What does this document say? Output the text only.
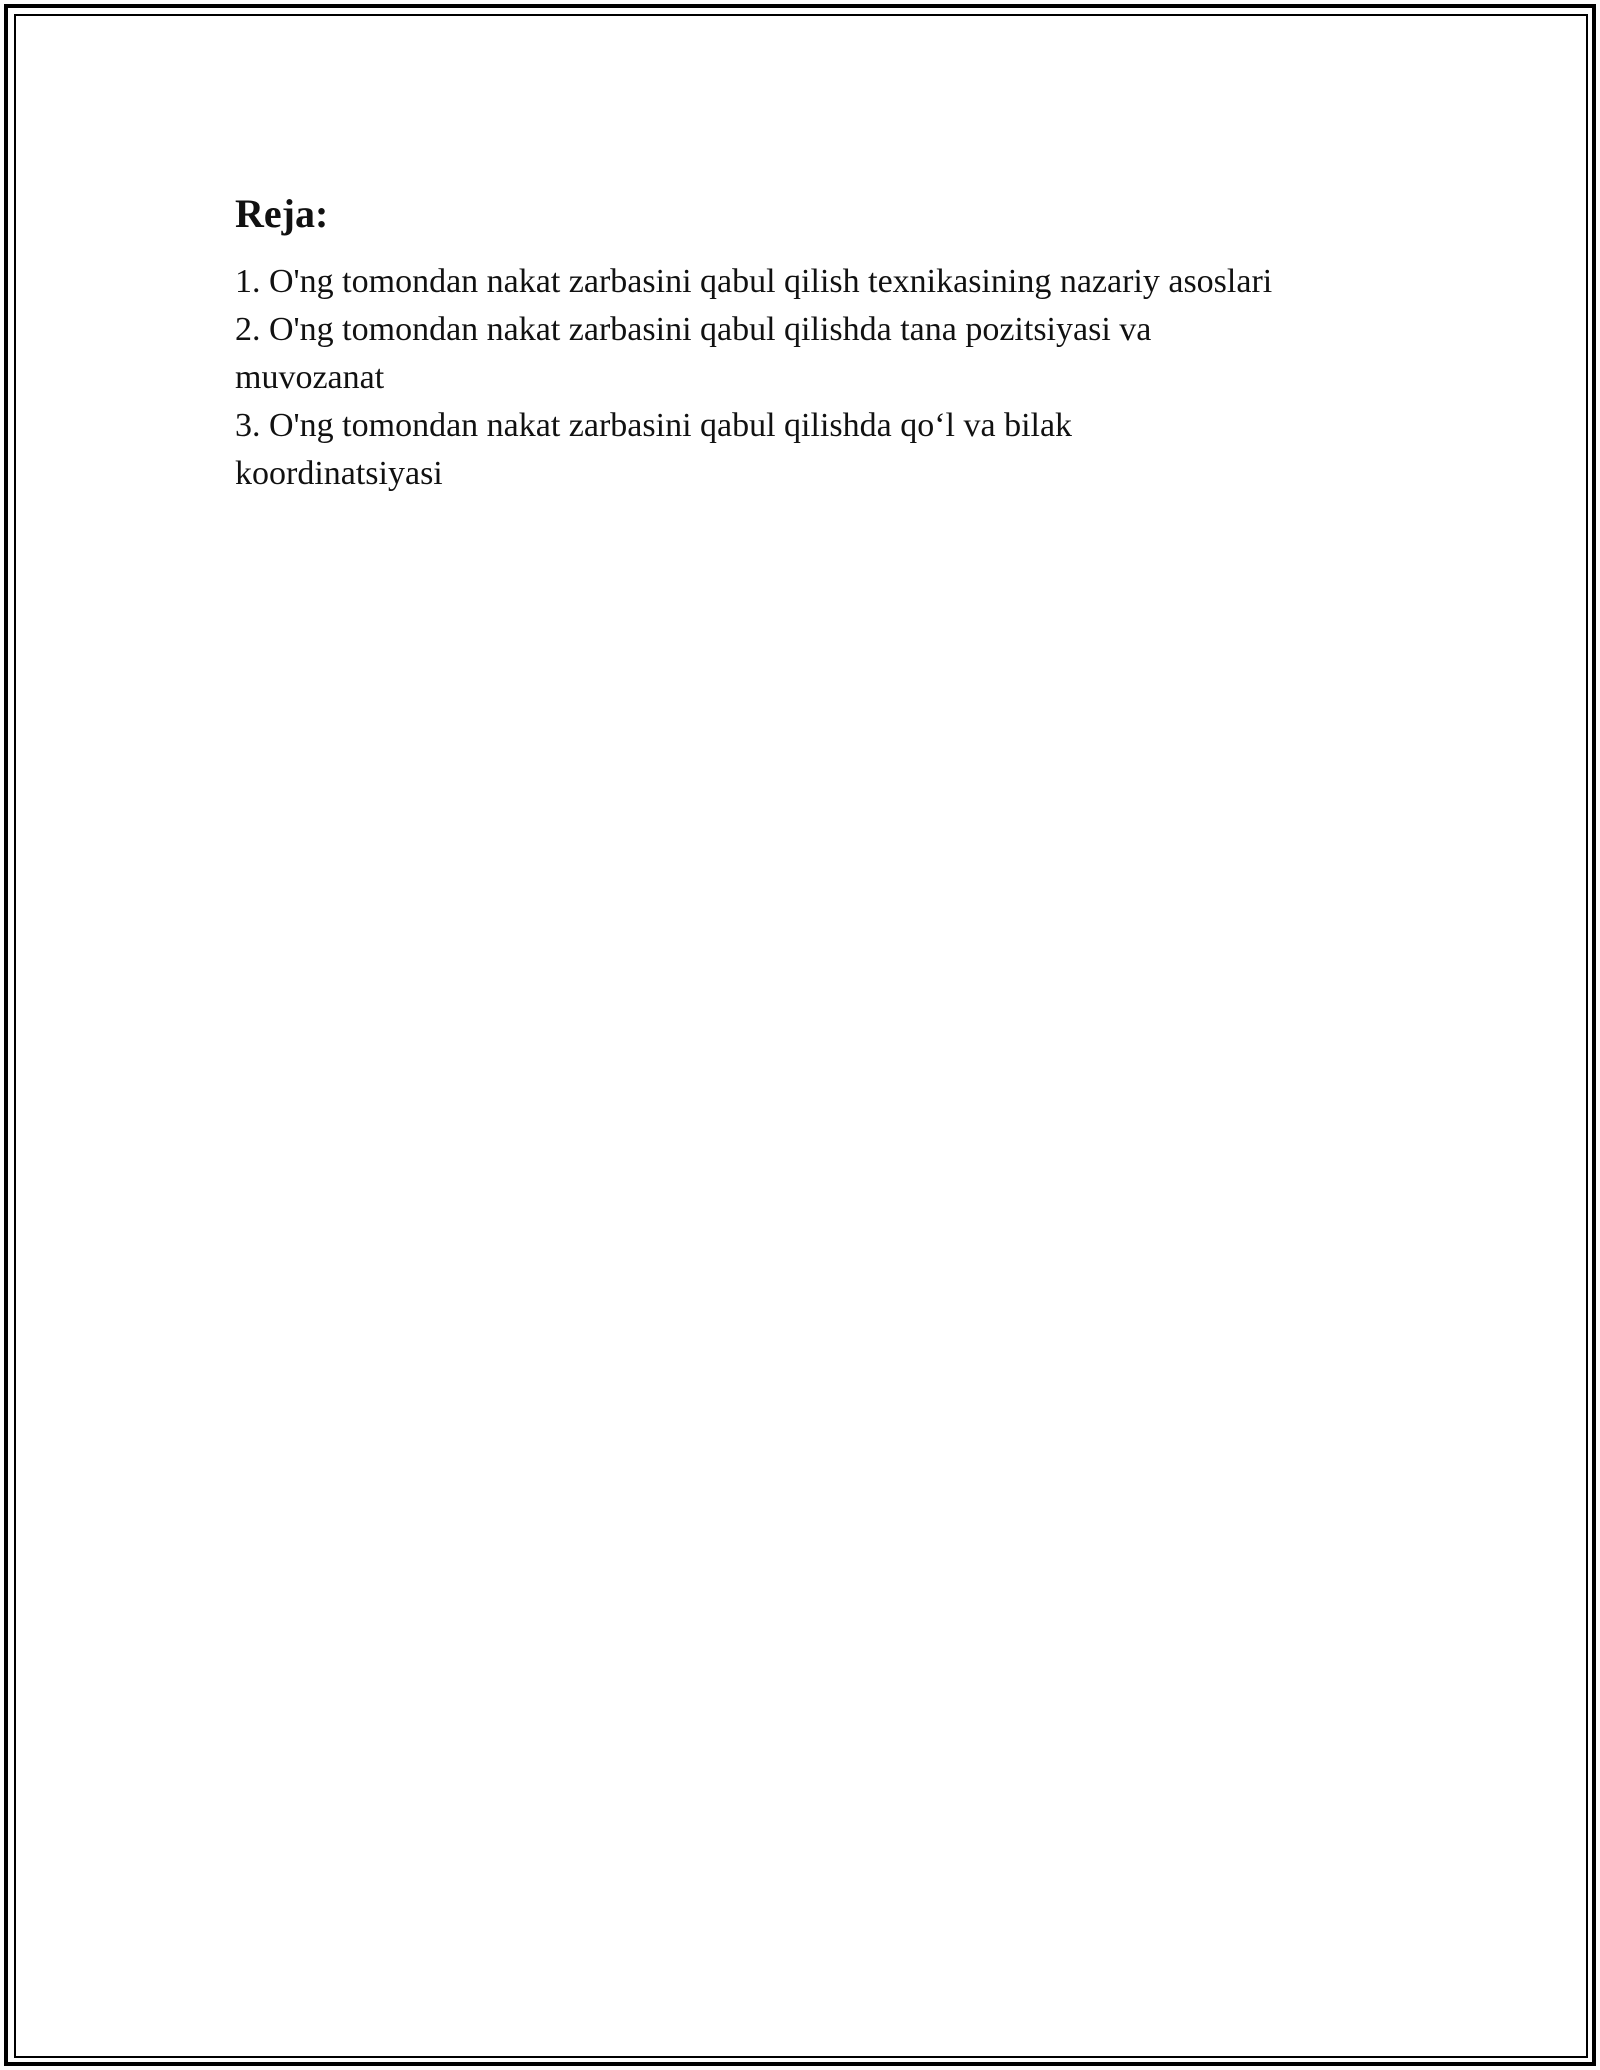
Reja:
1. O'ng tomondan nakat zarbasini qabul qilish texnikasining nazariy asoslari
2. O'ng tomondan nakat zarbasini qabul qilishda tana pozitsiyasi va muvozanat
3. O'ng tomondan nakat zarbasini qabul qilishda qo‘l va bilak koordinatsiyasi
